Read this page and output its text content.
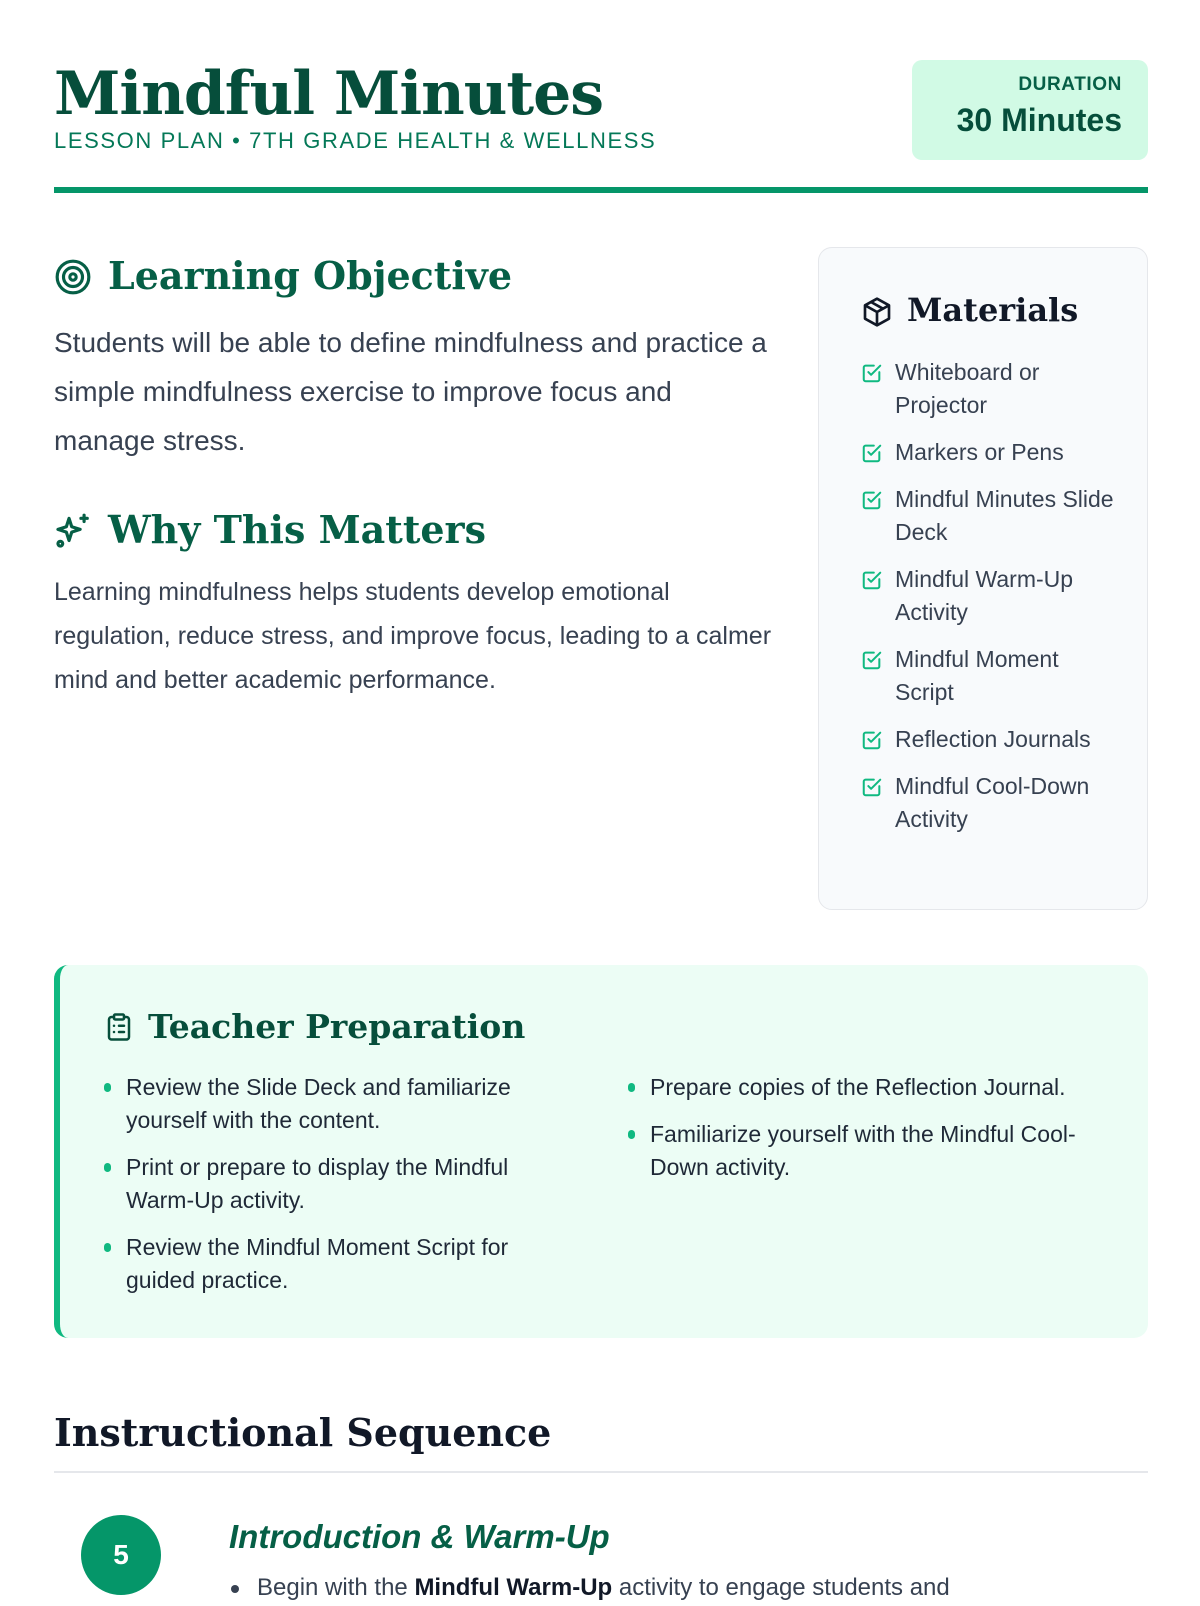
Mindful Minutes
LESSON PLAN • 7TH GRADE HEALTH & WELLNESS
DURATION
30 Minutes
Learning Objective

Students will be able to define mindfulness and practice a simple mindfulness exercise to improve focus and manage stress.

Why This Matters

Learning mindfulness helps students develop emotional regulation, reduce stress, and improve focus, leading to a calmer mind and better academic performance.

Materials
Whiteboard or Projector
Markers or Pens
Mindful Minutes Slide Deck
Mindful Warm-Up Activity
Mindful Moment Script
Reflection Journals
Mindful Cool-Down Activity
Teacher Preparation
Review the Slide Deck and familiarize yourself with the content.
Print or prepare to display the Mindful Warm-Up activity.
Review the Mindful Moment Script for guided practice.
Prepare copies of the Reflection Journal.
Familiarize yourself with the Mindful Cool-Down activity.
Instructional Sequence
5	Introduction & Warm-Up
Begin with the Mindful Warm-Up activity to engage students and
